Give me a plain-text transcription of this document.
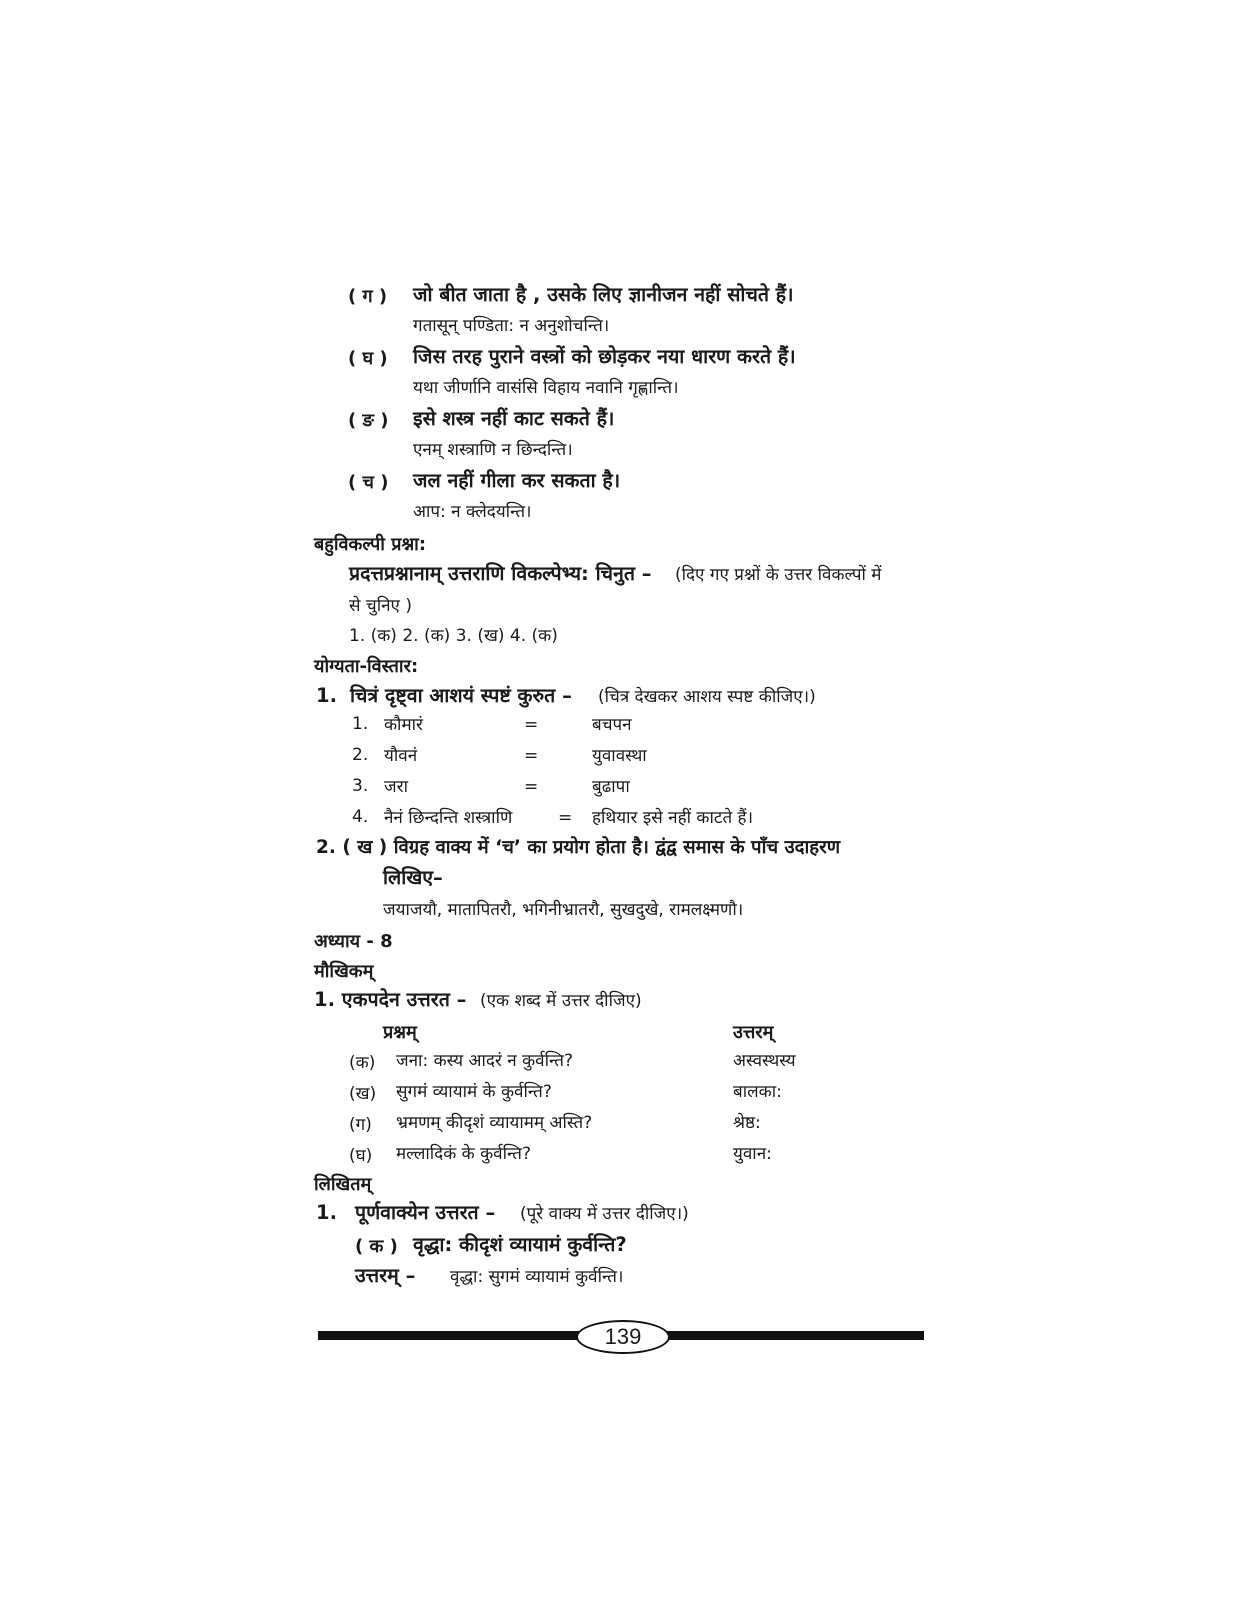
( ग ) जो बीत जाता है , उसके लिए ज्ञानीजन नहीं सोचते हैं।
गतासून् पण्डिता: न अनुशोचन्ति।
( घ ) जिस तरह पुराने वस्त्रों को छोड़कर नया धारण करते हैं।
यथा जीर्णानि वासंसि विहाय नवानि गृह्णान्ति।
( ङ ) इसे शस्त्र नहीं काट सकते हैं।
एनम् शस्त्राणि न छिन्दन्ति।
( च ) जल नहीं गीला कर सकता है।
आप: न क्लेदयन्ति।
बहुविकल्पी प्रश्ना:
प्रदत्तप्रश्नानाम् उत्तराणि विकल्पेभ्य: चिनुत – (दिए गए प्रश्नों के उत्तर विकल्पों में
से चुनिए )
1. (क) 2. (क) 3. (ख) 4. (क)
योग्यता-विस्तार:
1. चित्रं दृष्ट्वा आशयं स्पष्टं कुरुत – (चित्र देखकर आशय स्पष्ट कीजिए।)
1. कौमारं	=	बचपन
2. यौवनं	=	युवावस्था
3. जरा	=	बुढापा
4. नैनं छिन्दन्ति शस्त्राणि	= हथियार इसे नहीं काटते हैं।
2. ( ख ) विग्रह वाक्य में ‘च’ का प्रयोग होता है। द्वंद्व समास के पाँच उदाहरण
लिखिए–
जयाजयौ, मातापितरौ, भगिनीभ्रातरौ, सुखदुखे, रामलक्ष्मणौ।
अध्याय - 8
मौखिकम्
1. एकपदेन उत्तरत – (एक शब्द में उत्तर दीजिए)
प्रश्नम्	उत्तरम्
(क) जना: कस्य आदरं न कुर्वन्ति?	अस्वस्थस्य
(ख) सुगमं व्यायामं के कुर्वन्ति?	बालका:
(ग) भ्रमणम् कीदृशं व्यायामम् अस्ति?	श्रेष्ठ:
(घ) मल्लादिकं के कुर्वन्ति?	युवान:
लिखितम्
1. पूर्णवाक्येन उत्तरत – (पूरे वाक्य में उत्तर दीजिए।)
( क ) वृद्धा: कीदृशं व्यायामं कुर्वन्ति?
उत्तरम् – वृद्धा: सुगमं व्यायामं कुर्वन्ति।
139
